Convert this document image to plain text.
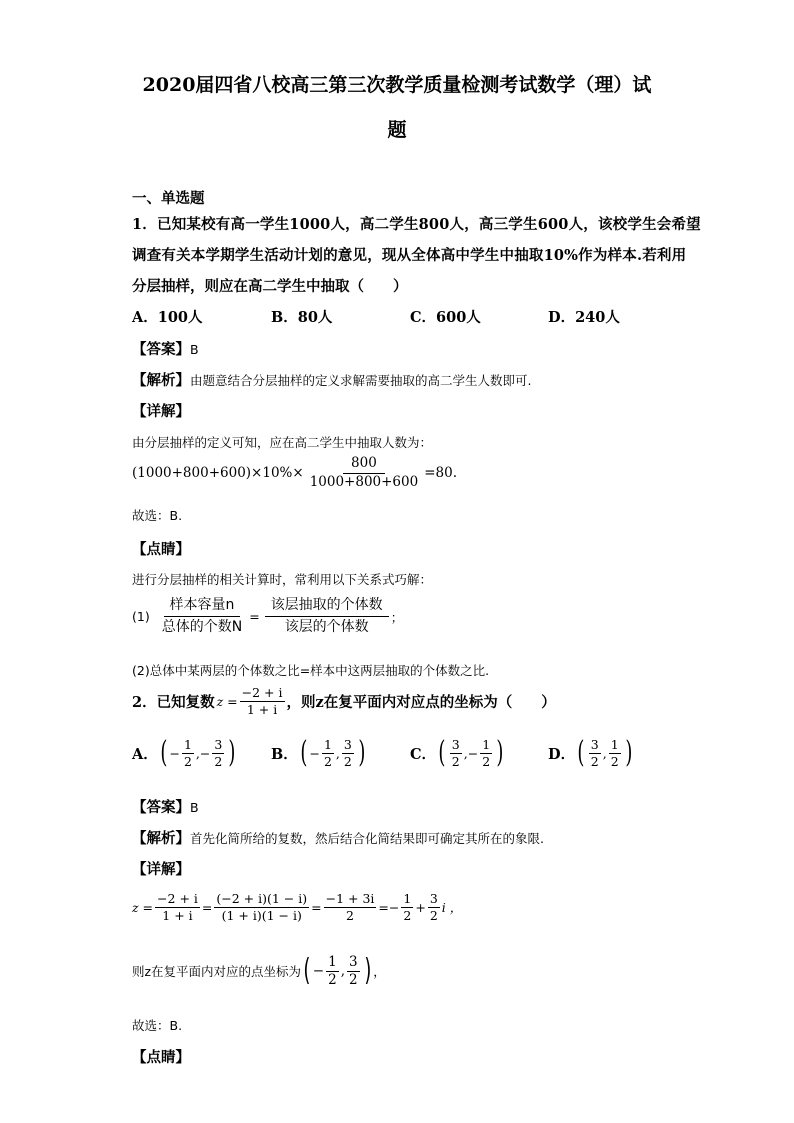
2020届四省八校高三第三次教学质量检测考试数学（理）试
题
一、单选题
1．已知某校有高一学生1000人，高二学生800人，高三学生600人，该校学生会希望
调查有关本学期学生活动计划的意见，现从全体高中学生中抽取10%作为样本.若利用
分层抽样，则应在高二学生中抽取（　　）
A．100人	B．80人	C．600人	D．240人
【答案】B
【解析】由题意结合分层抽样的定义求解需要抽取的高二学生人数即可.
【详解】
由分层抽样的定义可知，应在高二学生中抽取人数为：
$(1000+800+600)\times 10\%\times \frac{800}{1000+800+600} =80$.
故选：B.
【点睛】
进行分层抽样的相关计算时，常利用以下关系式巧解：
$(1) \frac{\text{样本容量n}}{\text{总体的个数N}} = \frac{\text{该层抽取的个体数}}{\text{该层的个体数}}$ ；
(2)总体中某两层的个体数之比=样本中这两层抽取的个体数之比.
2．已知复数 $z = \frac{-2 + i}{1 + i}$ ，则z在复平面内对应点的坐标为（　　）
A． ( − $\frac{1}{2}$ , − $\frac{3}{2}$ ) B． ( − $\frac{1}{2}$ , $\frac{3}{2}$ )	C． ( $\frac{3}{2}$ , − $\frac{1}{2}$ )	D． ( $\frac{3}{2}$ , $\frac{1}{2}$ )
【答案】B
【解析】首先化简所给的复数，然后结合化简结果即可确定其所在的象限.
【详解】
$z = \frac{-2 + i}{1 + i} = \frac{(-2 + i)(1 - i)}{(1 + i)(1 - i)} = \frac{-1 + 3i}{2} =- \frac{1}{2} + \frac{3}{2}$ i ，
则z在复平面内对应的点坐标为 ( − $\frac{1}{2}$ , $\frac{3}{2}$ ) ，
故选：B.
【点睛】
